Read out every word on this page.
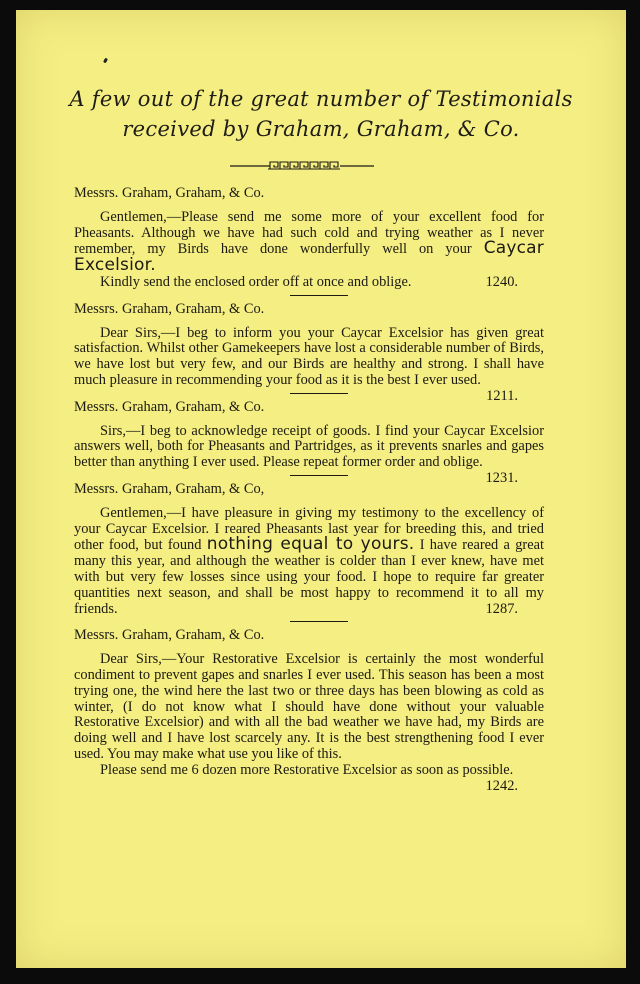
A few out of the great number of Testimonials
received by Graham, Graham, & Co.
Messrs. Graham, Graham, & Co.

Gentlemen,—Please send me some more of your excellent food for Pheasants. Although we have had such cold and trying weather as I never remember, my Birds have done wonderfully well on your Caycar Excelsior.

Kindly send the enclosed order off at once and oblige.	1240.

Messrs. Graham, Graham, & Co.

Dear Sirs,—I beg to inform you your Caycar Excelsior has given great satisfaction. Whilst other Gamekeepers have lost a considerable number of Birds, we have lost but very few, and our Birds are healthy and strong. I shall have much pleasure in recommending your food as it is the best I ever used.
1211.

Messrs. Graham, Graham, & Co.

Sirs,—I beg to acknowledge receipt of goods. I find your Caycar Excelsior answers well, both for Pheasants and Partridges, as it prevents snarles and gapes better than anything I ever used. Please repeat former order and oblige.
1231.

Messrs. Graham, Graham, & Co,

Gentlemen,—I have pleasure in giving my testimony to the excellency of your Caycar Excelsior. I reared Pheasants last year for breeding this, and tried other food, but found nothing equal to yours. I have reared a great many this year, and although the weather is colder than I ever knew, have met with but very few losses since using your food. I hope to require far greater quantities next season, and shall be most happy to recommend it to all my friends.	1287.

Messrs. Graham, Graham, & Co.

Dear Sirs,—Your Restorative Excelsior is certainly the most wonderful condiment to prevent gapes and snarles I ever used. This season has been a most trying one, the wind here the last two or three days has been blowing as cold as winter, (I do not know what I should have done without your valuable Restorative Excelsior) and with all the bad weather we have had, my Birds are doing well and I have lost scarcely any. It is the best strengthening food I ever used. You may make what use you like of this.

Please send me 6 dozen more Restorative Excelsior as soon as possible.
1242.
